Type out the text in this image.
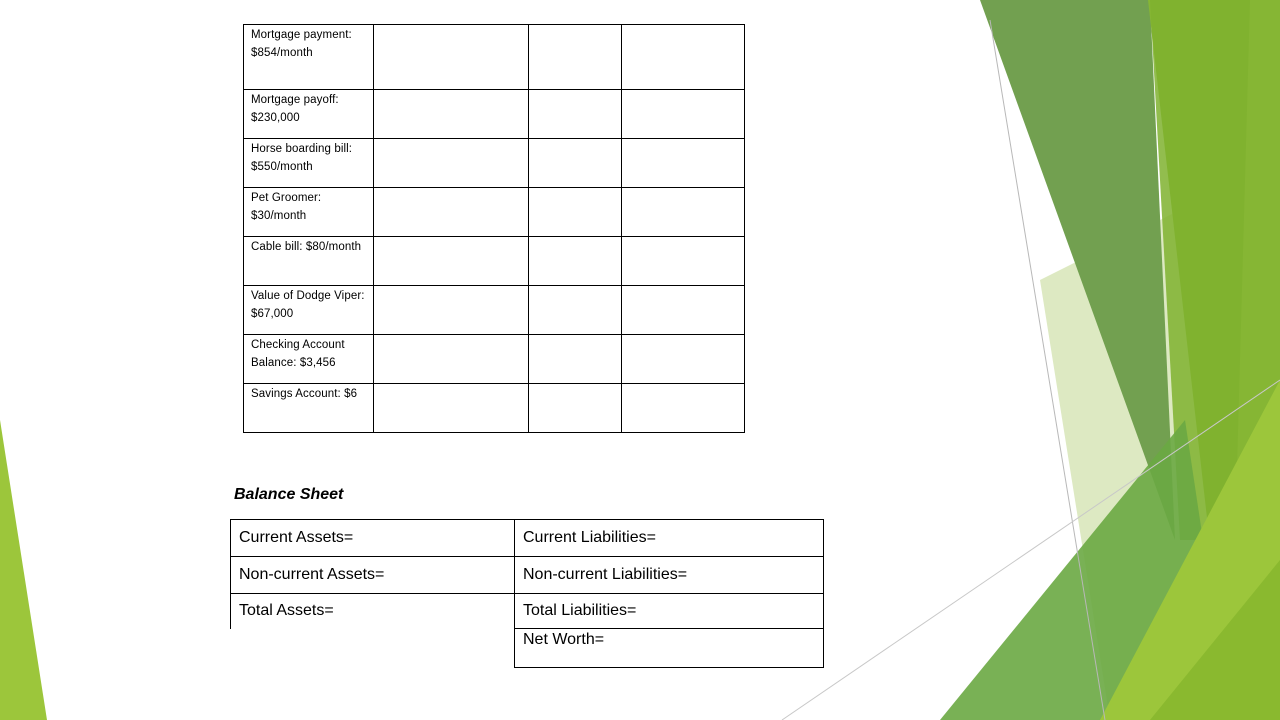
Mortgage payment: $854/month			
Mortgage payoff: $230,000			
Horse boarding bill: $550/month			
Pet Groomer: $30/month			
Cable bill: $80/month			
Value of Dodge Viper: $67,000			
Checking Account Balance: $3,456			
Savings Account: $6			

Balance Sheet

Current Assets=	Current Liabilities=
Non-current Assets=	Non-current Liabilities=
Total Assets=	Total Liabilities=
	Net Worth=
